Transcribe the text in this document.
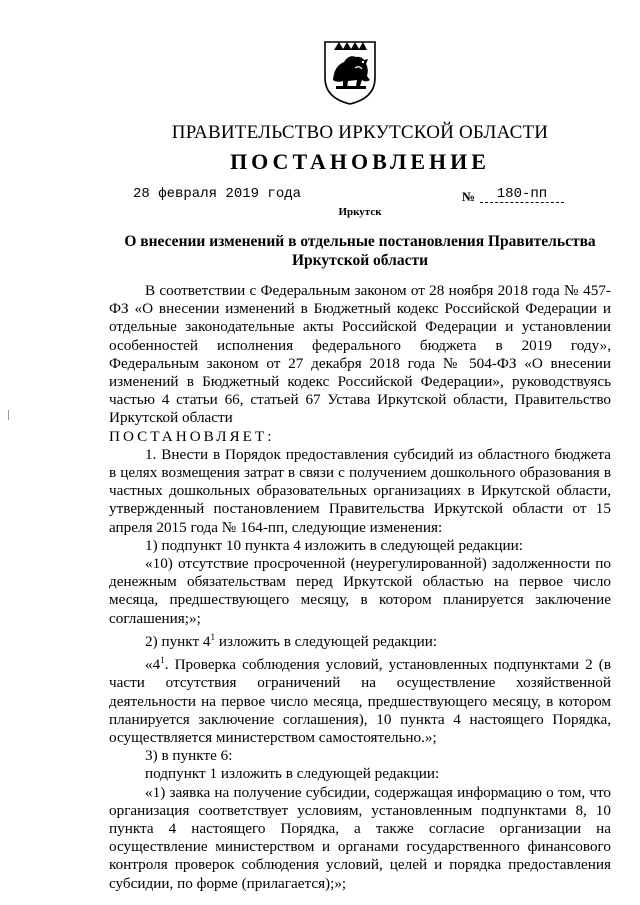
ПРАВИТЕЛЬСТВО ИРКУТСКОЙ ОБЛАСТИ
ПОСТАНОВЛЕНИЕ
28 февраля 2019 года	№	180-пп
Иркутск
О внесении изменений в отдельные постановления Правительства
Иркутской области

В соответствии с Федеральным законом от 28 ноября 2018 года № 457-ФЗ «О внесении изменений в Бюджетный кодекс Российской Федерации и отдельные законодательные акты Российской Федерации и установлении особенностей исполнения федерального бюджета в 2019 году», Федеральным законом от 27 декабря 2018 года № 504-ФЗ «О внесении изменений в Бюджетный кодекс Российской Федерации», руководствуясь частью 4 статьи 66, статьей 67 Устава Иркутской области, Правительство Иркутской области

ПОСТАНОВЛЯЕТ:

1. Внести в Порядок предоставления субсидий из областного бюджета в целях возмещения затрат в связи с получением дошкольного образования в частных дошкольных образовательных организациях в Иркутской области, утвержденный постановлением Правительства Иркутской области от 15 апреля 2015 года № 164-пп, следующие изменения:

1) подпункт 10 пункта 4 изложить в следующей редакции:

«10) отсутствие просроченной (неурегулированной) задолженности по денежным обязательствам перед Иркутской областью на первое число месяца, предшествующего месяцу, в котором планируется заключение соглашения;»;

2) пункт $4^1$ изложить в следующей редакции:

«$4^1$. Проверка соблюдения условий, установленных подпунктами 2 (в части отсутствия ограничений на осуществление хозяйственной деятельности на первое число месяца, предшествующего месяцу, в котором планируется заключение соглашения), 10 пункта 4 настоящего Порядка, осуществляется министерством самостоятельно.»;

3) в пункте 6:

подпункт 1 изложить в следующей редакции:

«1) заявка на получение субсидии, содержащая информацию о том, что организация соответствует условиям, установленным подпунктами 8, 10 пункта 4 настоящего Порядка, а также согласие организации на осуществление министерством и органами государственного финансового контроля проверок соблюдения условий, целей и порядка предоставления субсидии, по форме (прилагается);»;
